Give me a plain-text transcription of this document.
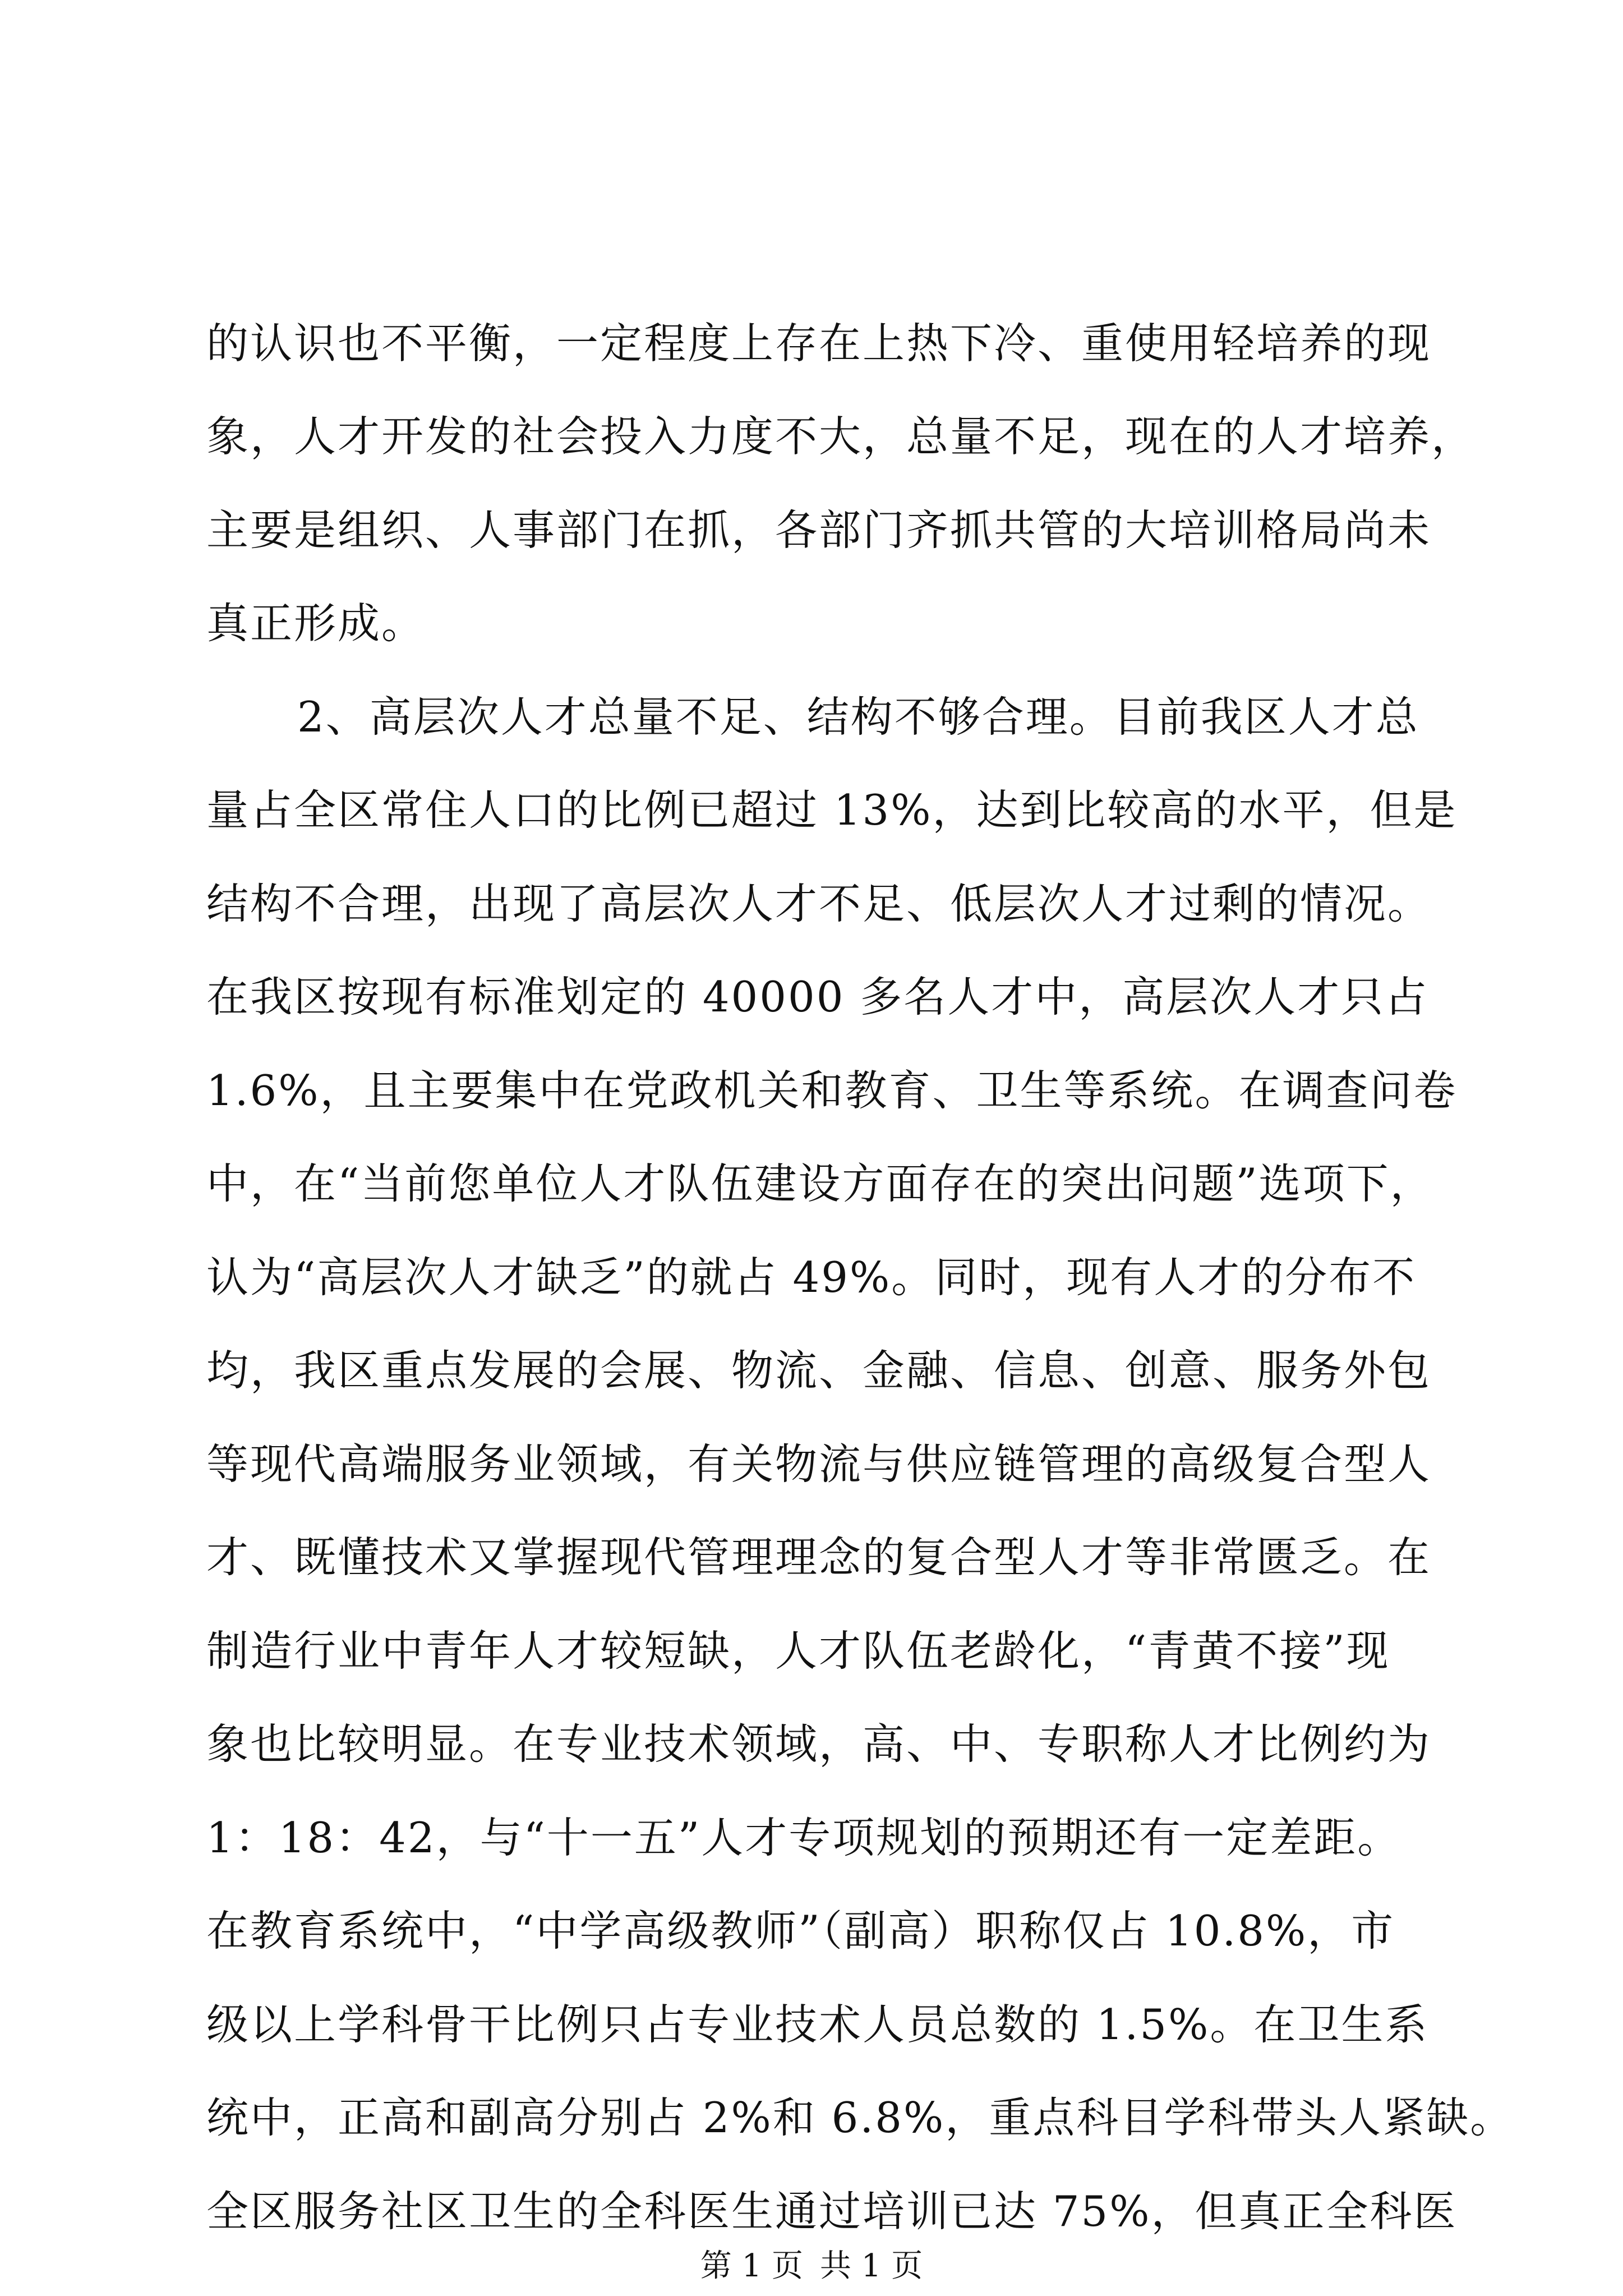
的认识也不平衡，一定程度上存在上热下冷、重使用轻培养的现
象，人才开发的社会投入力度不大，总量不足，现在的人才培养，
主要是组织、人事部门在抓，各部门齐抓共管的大培训格局尚未
真正形成。
2、高层次人才总量不足、结构不够合理。目前我区人才总
量占全区常住人口的比例已超过 13%，达到比较高的水平，但是
结构不合理，出现了高层次人才不足、低层次人才过剩的情况。
在我区按现有标准划定的 40000 多名人才中，高层次人才只占
1.6%，且主要集中在党政机关和教育、卫生等系统。在调查问卷
中，在“当前您单位人才队伍建设方面存在的突出问题”选项下，
认为“高层次人才缺乏”的就占 49%。同时，现有人才的分布不
均，我区重点发展的会展、物流、金融、信息、创意、服务外包
等现代高端服务业领域，有关物流与供应链管理的高级复合型人
才、既懂技术又掌握现代管理理念的复合型人才等非常匮乏。在
制造行业中青年人才较短缺，人才队伍老龄化，“青黄不接”现
象也比较明显。在专业技术领域，高、中、专职称人才比例约为
1：18：42，与“十一五”人才专项规划的预期还有一定差距。
在教育系统中，“中学高级教师”（副高）职称仅占 10.8%，市
级以上学科骨干比例只占专业技术人员总数的 1.5%。在卫生系
统中，正高和副高分别占 2%和 6.8%，重点科目学科带头人紧缺。
全区服务社区卫生的全科医生通过培训已达 75%，但真正全科医
第 1 页 共 1 页
